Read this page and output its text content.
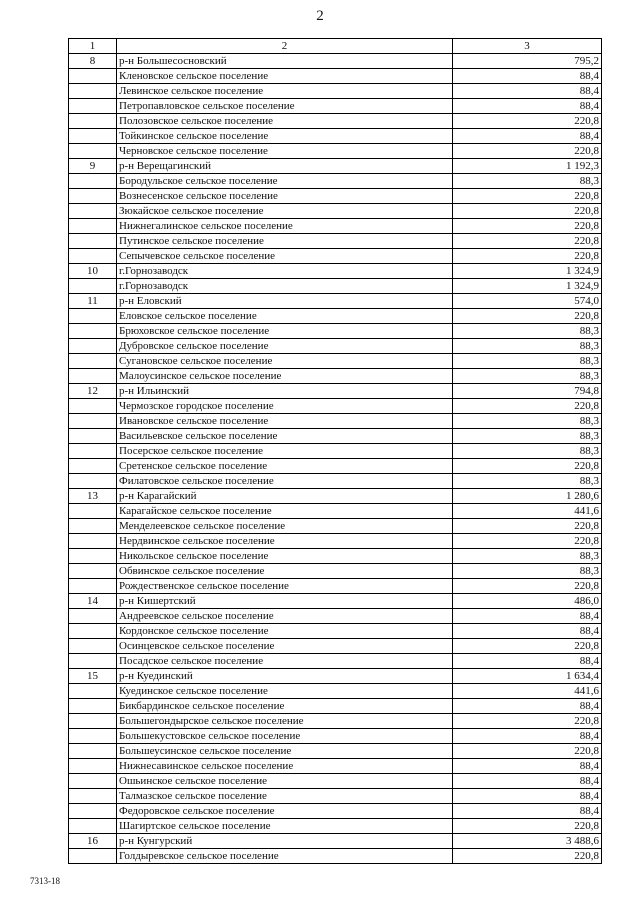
2
1	2	3
8	р-н Большесосновский	795,2
	Кленовское сельское поселение	88,4
	Левинское сельское поселение	88,4
	Петропавловское сельское поселение	88,4
	Полозовское сельское поселение	220,8
	Тойкинское сельское поселение	88,4
	Черновское сельское поселение	220,8
9	р-н Верещагинский	1 192,3
	Бородульское сельское поселение	88,3
	Вознесенское сельское поселение	220,8
	Зюкайское сельское поселение	220,8
	Нижнегалинское сельское поселение	220,8
	Путинское сельское поселение	220,8
	Сепычевское сельское поселение	220,8
10	г.Горнозаводск	1 324,9
	г.Горнозаводск	1 324,9
11	р-н Еловский	574,0
	Еловское сельское поселение	220,8
	Брюховское сельское поселение	88,3
	Дубровское сельское поселение	88,3
	Сугановское сельское поселение	88,3
	Малоусинское сельское поселение	88,3
12	р-н Ильинский	794,8
	Чермозское городское поселение	220,8
	Ивановское сельское поселение	88,3
	Васильевское сельское поселение	88,3
	Посерское сельское поселение	88,3
	Сретенское сельское поселение	220,8
	Филатовское сельское поселение	88,3
13	р-н Карагайский	1 280,6
	Карагайское сельское поселение	441,6
	Менделеевское сельское поселение	220,8
	Нердвинское сельское поселение	220,8
	Никольское сельское поселение	88,3
	Обвинское сельское поселение	88,3
	Рождественское сельское поселение	220,8
14	р-н Кишертский	486,0
	Андреевское сельское поселение	88,4
	Кордонское сельское поселение	88,4
	Осинцевское сельское поселение	220,8
	Посадское сельское поселение	88,4
15	р-н Куединский	1 634,4
	Куединское сельское поселение	441,6
	Бикбардинское сельское поселение	88,4
	Большегондырское сельское поселение	220,8
	Большекустовское сельское поселение	88,4
	Большеусинское сельское поселение	220,8
	Нижнесавинское сельское поселение	88,4
	Ошьинское сельское поселение	88,4
	Талмазское сельское поселение	88,4
	Федоровское сельское поселение	88,4
	Шагиртское сельское поселение	220,8
16	р-н Кунгурский	3 488,6
	Голдыревское сельское поселение	220,8
7313-18
